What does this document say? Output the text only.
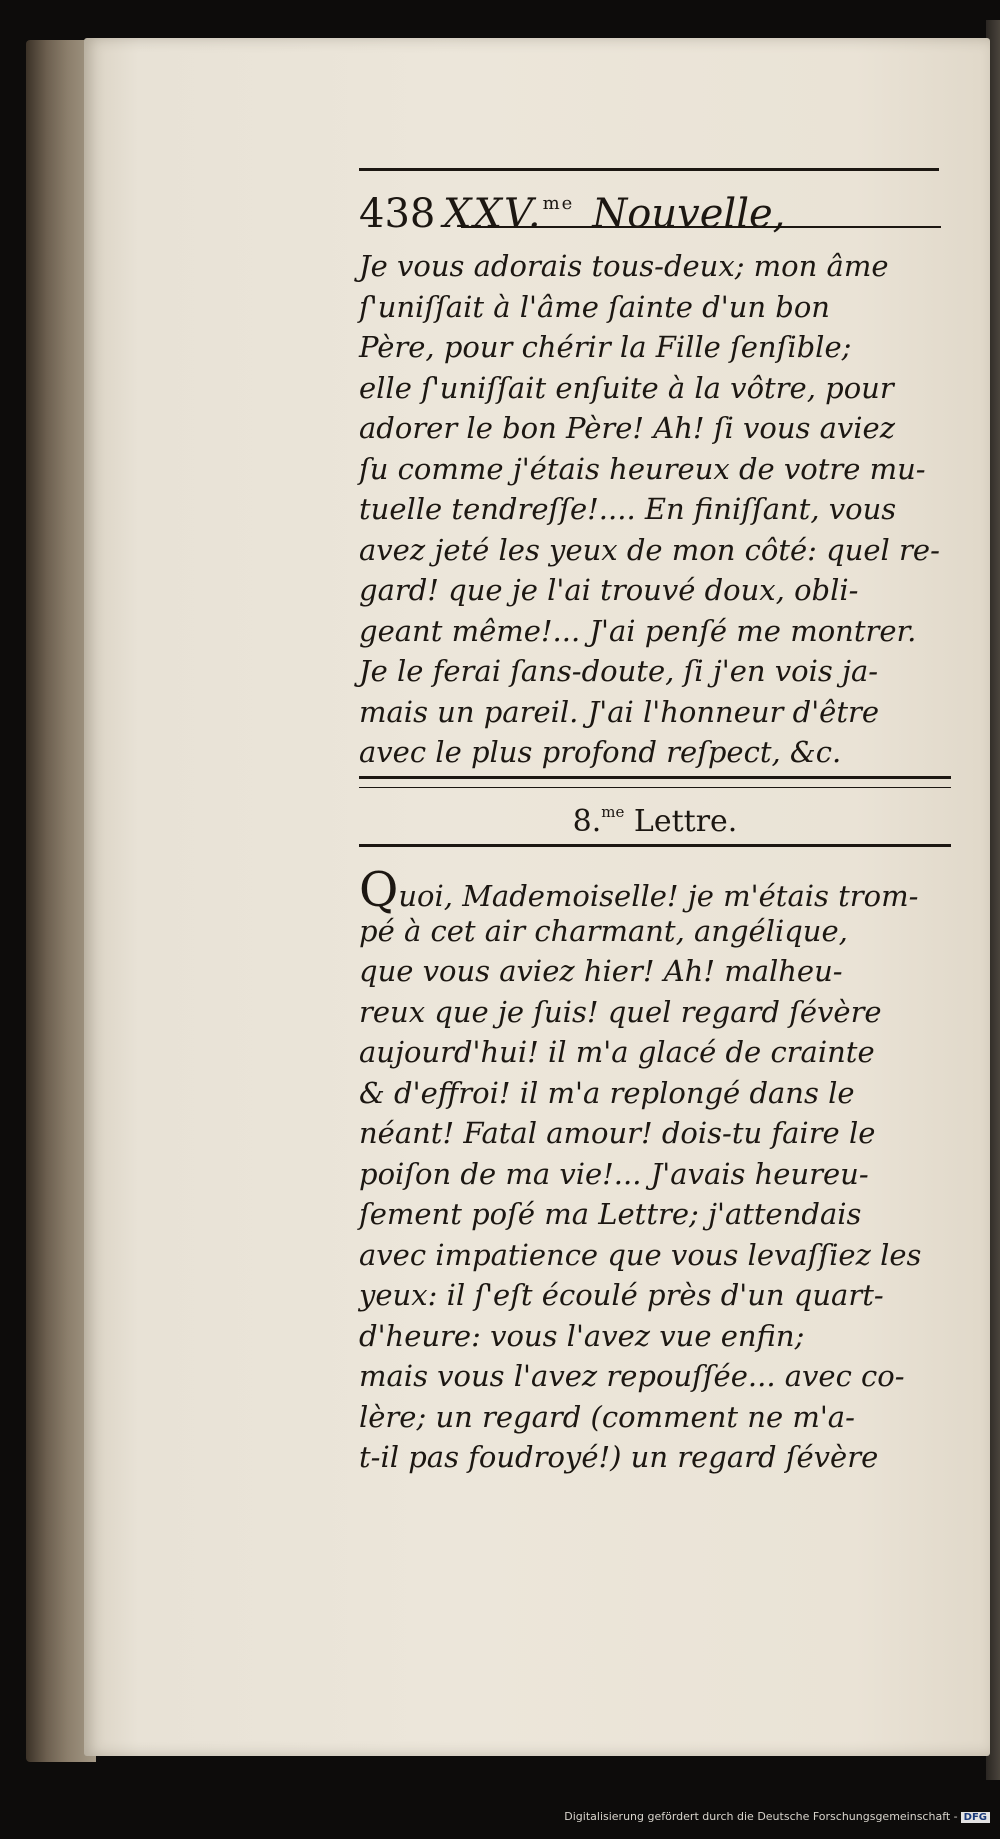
438 XXV.$^{me}$ Nouvelle,
Je vous adorais tous-deux; mon âme
ſ'uniſſait à l'âme ſainte d'un bon
Père, pour chérir la Fille ſenſible;
elle ſ'uniſſait enſuite à la vôtre, pour
adorer le bon Père! Ah! ſi vous aviez
ſu comme j'étais heureux de votre mu-
tuelle tendreſſe!.... En finiſſant, vous
avez jeté les yeux de mon côté: quel re-
gard! que je l'ai trouvé doux, obli-
geant même!... J'ai penſé me montrer.
Je le ferai ſans-doute, ſi j'en vois ja-
mais un pareil. J'ai l'honneur d'être
avec le plus profond reſpect, &c.
8.$^{me}$ Lettre.
Quoi, Mademoiselle! je m'étais trom-
pé à cet air charmant, angélique,
que vous aviez hier! Ah! malheu-
reux que je ſuis! quel regard ſévère
aujourd'hui! il m'a glacé de crainte
& d'effroi! il m'a replongé dans le
néant! Fatal amour! dois-tu faire le
poiſon de ma vie!... J'avais heureu-
ſement poſé ma Lettre; j'attendais
avec impatience que vous levaſſiez les
yeux: il ſ'eſt écoulé près d'un quart-
d'heure: vous l'avez vue enfin;
mais vous l'avez repouſſée... avec co-
lère; un regard (comment ne m'a-
t-il pas foudroyé!) un regard ſévère
Digitalisierung gefördert durch die Deutsche Forschungsgemeinschaft - DFG
